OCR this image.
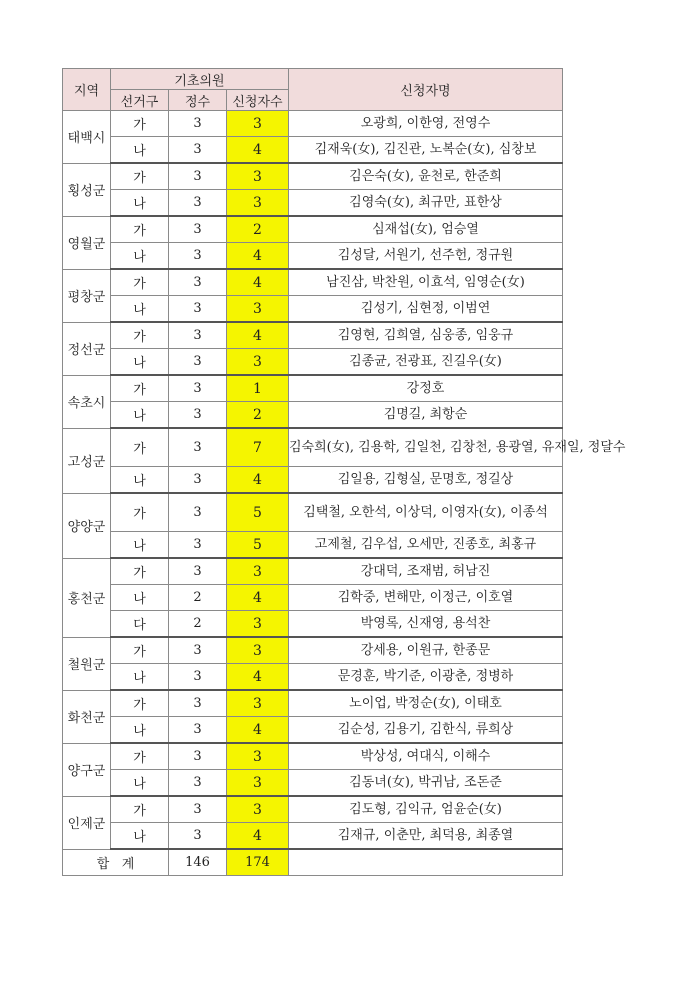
지역	기초의원			신청자명
	선거구	정수	신청자수	
태백시	가	3	3	오광희, 이한영, 전영수
	나	3	4	김재욱(女), 김진관, 노복순(女), 심창보
횡성군	가	3	3	김은숙(女), 윤천로, 한준희
	나	3	3	김영숙(女), 최규만, 표한상
영월군	가	3	2	심재섭(女), 엄승열
	나	3	4	김성달, 서원기, 선주헌, 정규원
평창군	가	3	4	남진삼, 박찬원, 이효석, 임영순(女)
	나	3	3	김성기, 심현정, 이범연
정선군	가	3	4	김영현, 김희열, 심웅종, 임웅규
	나	3	3	김종균, 전광표, 진길우(女)
속초시	가	3	1	강정호
	나	3	2	김명길, 최항순
고성군	가	3	7	김숙희(女), 김용학, 김일천, 김창천, 용광열, 유재일, 정달수
	나	3	4	김일용, 김형실, 문명호, 정길상
양양군	가	3	5	김택철, 오한석, 이상덕, 이영자(女), 이종석
	나	3	5	고제철, 김우섭, 오세만, 진종호, 최홍규
홍천군	가	3	3	강대덕, 조재범, 허남진
	나	2	4	김학중, 변해만, 이정근, 이호열
	다	2	3	박영록, 신재영, 용석찬
철원군	가	3	3	강세용, 이원규, 한종문
	나	3	4	문경훈, 박기준, 이광춘, 정병하
화천군	가	3	3	노이업, 박정순(女), 이태호
	나	3	4	김순성, 김용기, 김한식, 류희상
양구군	가	3	3	박상성, 여대식, 이해수
	나	3	3	김동녀(女), 박귀남, 조돈준
인제군	가	3	3	김도형, 김익규, 엄윤순(女)
	나	3	4	김재규, 이춘만, 최덕용, 최종열
합   계		146	174	
